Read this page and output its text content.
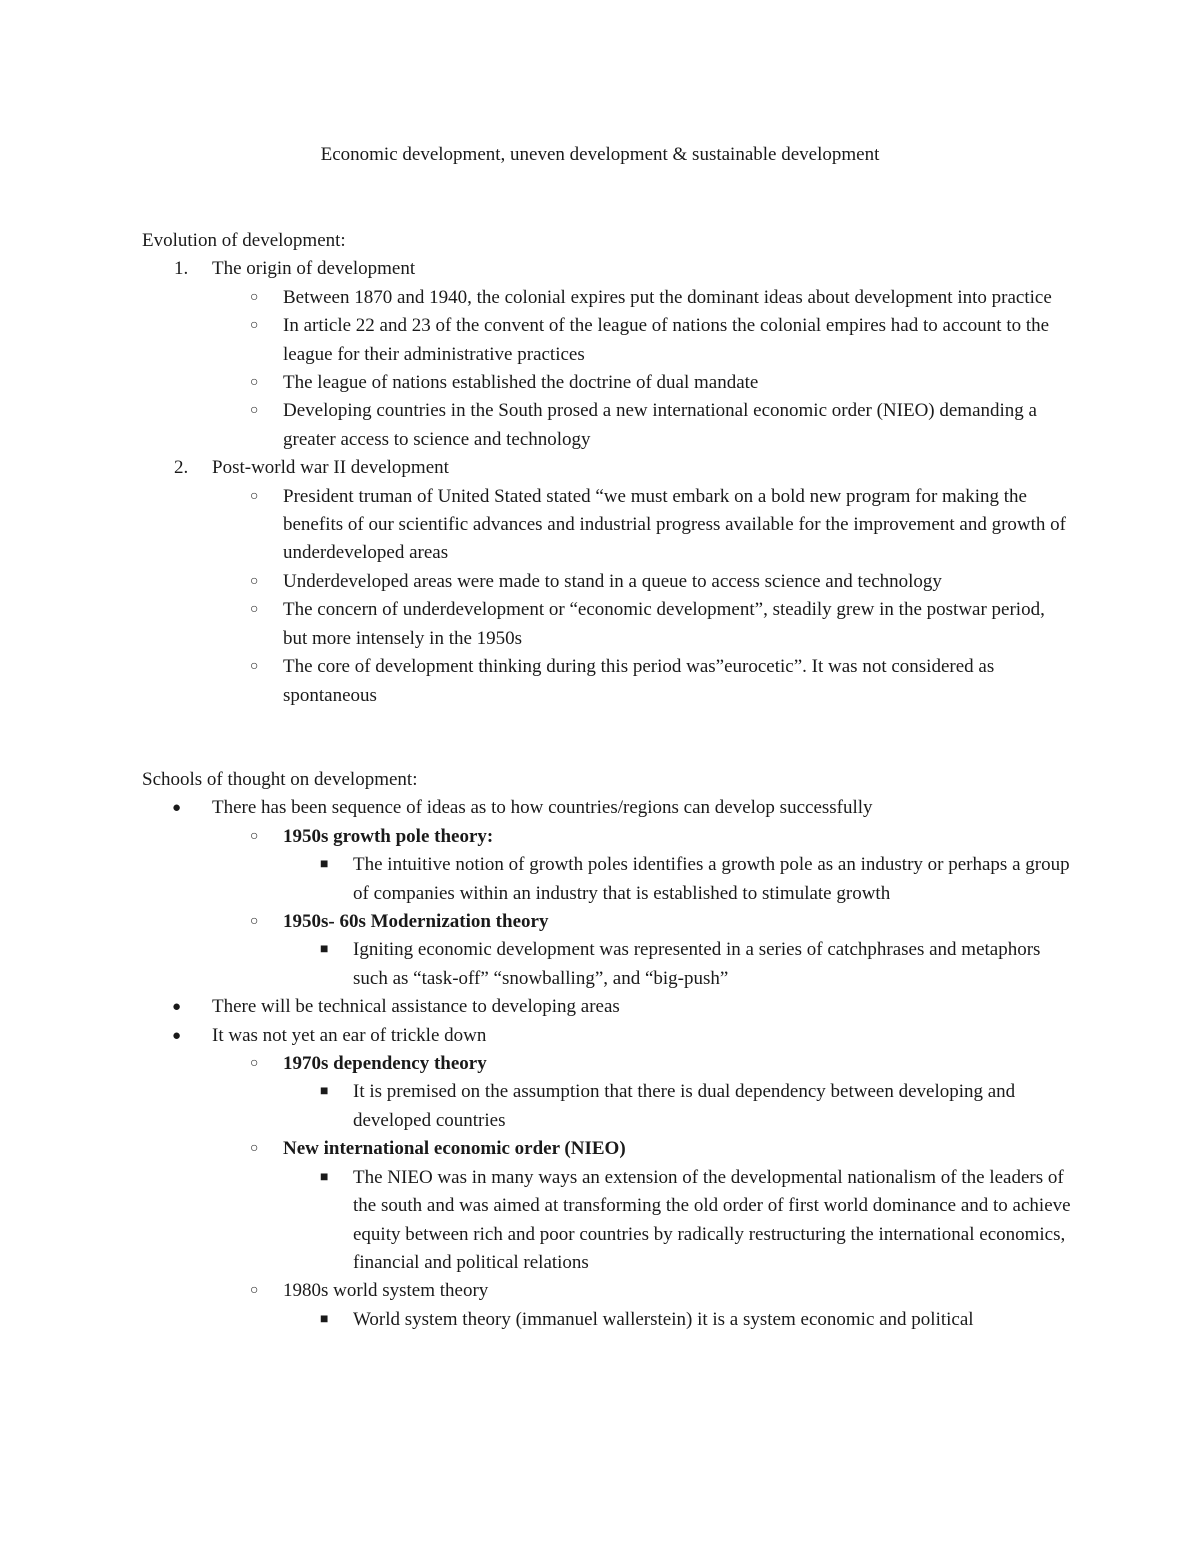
Economic development, uneven development & sustainable development

Evolution of development:

1. The origin of development

○ Between 1870 and 1940, the colonial expires put the dominant ideas about development into practice

○ In article 22 and 23 of the convent of the league of nations the colonial empires had to account to the league for their administrative practices

○ The league of nations established the doctrine of dual mandate

○ Developing countries in the South prosed a new international economic order (NIEO) demanding a greater access to science and technology

2. Post-world war II development

○ President truman of United Stated stated “we must embark on a bold new program for making the benefits of our scientific advances and industrial progress available for the improvement and growth of underdeveloped areas

○ Underdeveloped areas were made to stand in a queue to access science and technology

○ The concern of underdevelopment or “economic development”, steadily grew in the postwar period, but more intensely in the 1950s

○ The core of development thinking during this period was”eurocetic”. It was not considered as spontaneous

Schools of thought on development:

● There has been sequence of ideas as to how countries/regions can develop successfully

○ 1950s growth pole theory:

■ The intuitive notion of growth poles identifies a growth pole as an industry or perhaps a group of companies within an industry that is established to stimulate growth

○ 1950s- 60s Modernization theory

■ Igniting economic development was represented in a series of catchphrases and metaphors such as “task-off” “snowballing”, and “big-push”

● There will be technical assistance to developing areas

● It was not yet an ear of trickle down

○ 1970s dependency theory

■ It is premised on the assumption that there is dual dependency between developing and developed countries

○ New international economic order (NIEO)

■ The NIEO was in many ways an extension of the developmental nationalism of the leaders of the south and was aimed at transforming the old order of first world dominance and to achieve equity between rich and poor countries by radically restructuring the international economics, financial and political relations

○ 1980s world system theory

■ World system theory (immanuel wallerstein) it is a system economic and political
